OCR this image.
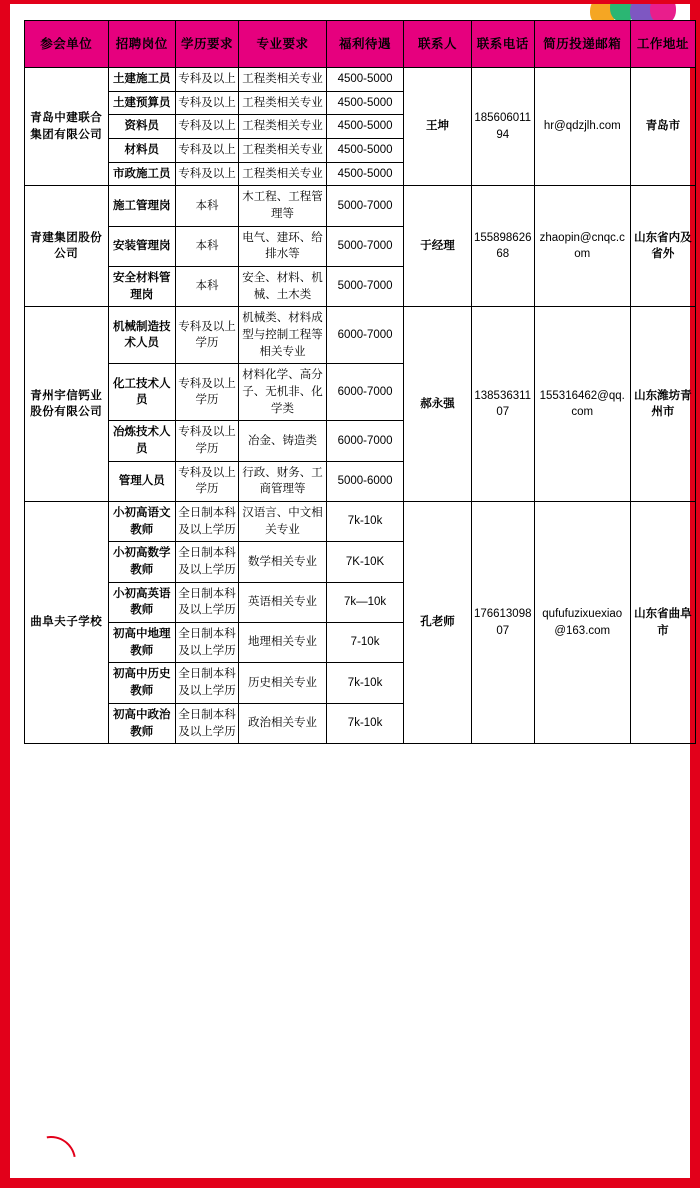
参会单位	招聘岗位	学历要求	专业要求	福利待遇	联系人	联系电话	简历投递邮箱	工作地址
青岛中建联合集团有限公司	土建施工员	专科及以上	工程类相关专业	4500-5000	王坤	18560601194	hr@qdzjlh.com	青岛市
	土建预算员	专科及以上	工程类相关专业	4500-5000				
	资料员	专科及以上	工程类相关专业	4500-5000				
	材料员	专科及以上	工程类相关专业	4500-5000				
	市政施工员	专科及以上	工程类相关专业	4500-5000				
青建集团股份公司	施工管理岗	本科	木工程、工程管理等	5000-7000	于经理	15589862668	zhaopin@cnqc.com	山东省内及省外
	安装管理岗	本科	电气、建环、给排水等	5000-7000				
	安全材料管理岗	本科	安全、材料、机械、土木类	5000-7000				
青州宇信钙业股份有限公司	机械制造技术人员	专科及以上学历	机械类、材料成型与控制工程等相关专业	6000-7000	郝永强	13853631107	155316462@qq.com	山东潍坊青州市
	化工技术人员	专科及以上学历	材料化学、高分子、无机非、化学类	6000-7000				
	冶炼技术人员	专科及以上学历	冶金、铸造类	6000-7000				
	管理人员	专科及以上学历	行政、财务、工商管理等	5000-6000				
曲阜夫子学校	小初高语文教师	全日制本科及以上学历	汉语言、中文相关专业	7k-10k	孔老师	17661309807	qufufuzixuexiao@163.com	山东省曲阜市
	小初高数学教师	全日制本科及以上学历	数学相关专业	7K-10K				
	小初高英语教师	全日制本科及以上学历	英语相关专业	7k—10k				
	初高中地理教师	全日制本科及以上学历	地理相关专业	7-10k				
	初高中历史教师	全日制本科及以上学历	历史相关专业	7k-10k				
	初高中政治教师	全日制本科及以上学历	政治相关专业	7k-10k				
